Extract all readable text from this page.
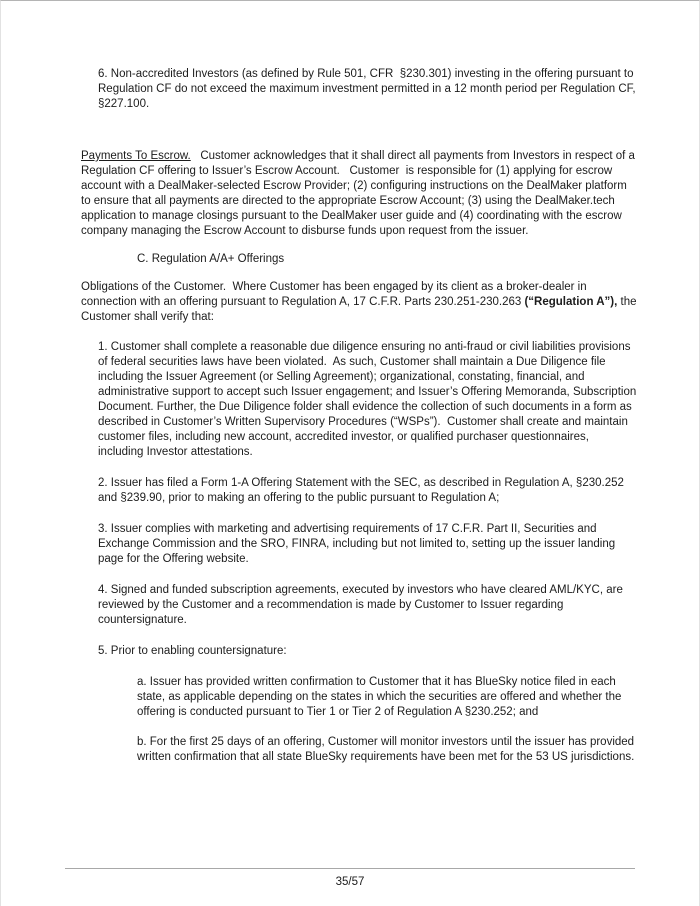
6. Non-accredited Investors (as defined by Rule 501, CFR  §230.301) investing in the offering pursuant to Regulation CF do not exceed the maximum investment permitted in a 12 month period per Regulation CF, §227.100.

Payments To Escrow.   Customer acknowledges that it shall direct all payments from Investors in respect of a Regulation CF offering to Issuer’s Escrow Account.   Customer  is responsible for (1) applying for escrow account with a DealMaker-selected Escrow Provider; (2) configuring instructions on the DealMaker platform to ensure that all payments are directed to the appropriate Escrow Account; (3) using the DealMaker.tech application to manage closings pursuant to the DealMaker user guide and (4) coordinating with the escrow company managing the Escrow Account to disburse funds upon request from the issuer.

C. Regulation A/A+ Offerings

Obligations of the Customer.  Where Customer has been engaged by its client as a broker-dealer in connection with an offering pursuant to Regulation A, 17 C.F.R. Parts 230.251-230.263 (“Regulation A”), the Customer shall verify that:

1. Customer shall complete a reasonable due diligence ensuring no anti-fraud or civil liabilities provisions of federal securities laws have been violated.  As such, Customer shall maintain a Due Diligence file including the Issuer Agreement (or Selling Agreement); organizational, constating, financial, and administrative support to accept such Issuer engagement; and Issuer’s Offering Memoranda, Subscription Document. Further, the Due Diligence folder shall evidence the collection of such documents in a form as described in Customer’s Written Supervisory Procedures (“WSPs”).  Customer shall create and maintain customer files, including new account, accredited investor, or qualified purchaser questionnaires, including Investor attestations.

2. Issuer has filed a Form 1-A Offering Statement with the SEC, as described in Regulation A, §230.252 and §239.90, prior to making an offering to the public pursuant to Regulation A;

3. Issuer complies with marketing and advertising requirements of 17 C.F.R. Part II, Securities and Exchange Commission and the SRO, FINRA, including but not limited to, setting up the issuer landing page for the Offering website.

4. Signed and funded subscription agreements, executed by investors who have cleared AML/KYC, are reviewed by the Customer and a recommendation is made by Customer to Issuer regarding countersignature.

5. Prior to enabling countersignature:

a. Issuer has provided written confirmation to Customer that it has BlueSky notice filed in each state, as applicable depending on the states in which the securities are offered and whether the offering is conducted pursuant to Tier 1 or Tier 2 of Regulation A §230.252; and

b. For the first 25 days of an offering, Customer will monitor investors until the issuer has provided written confirmation that all state BlueSky requirements have been met for the 53 US jurisdictions.

35/57
